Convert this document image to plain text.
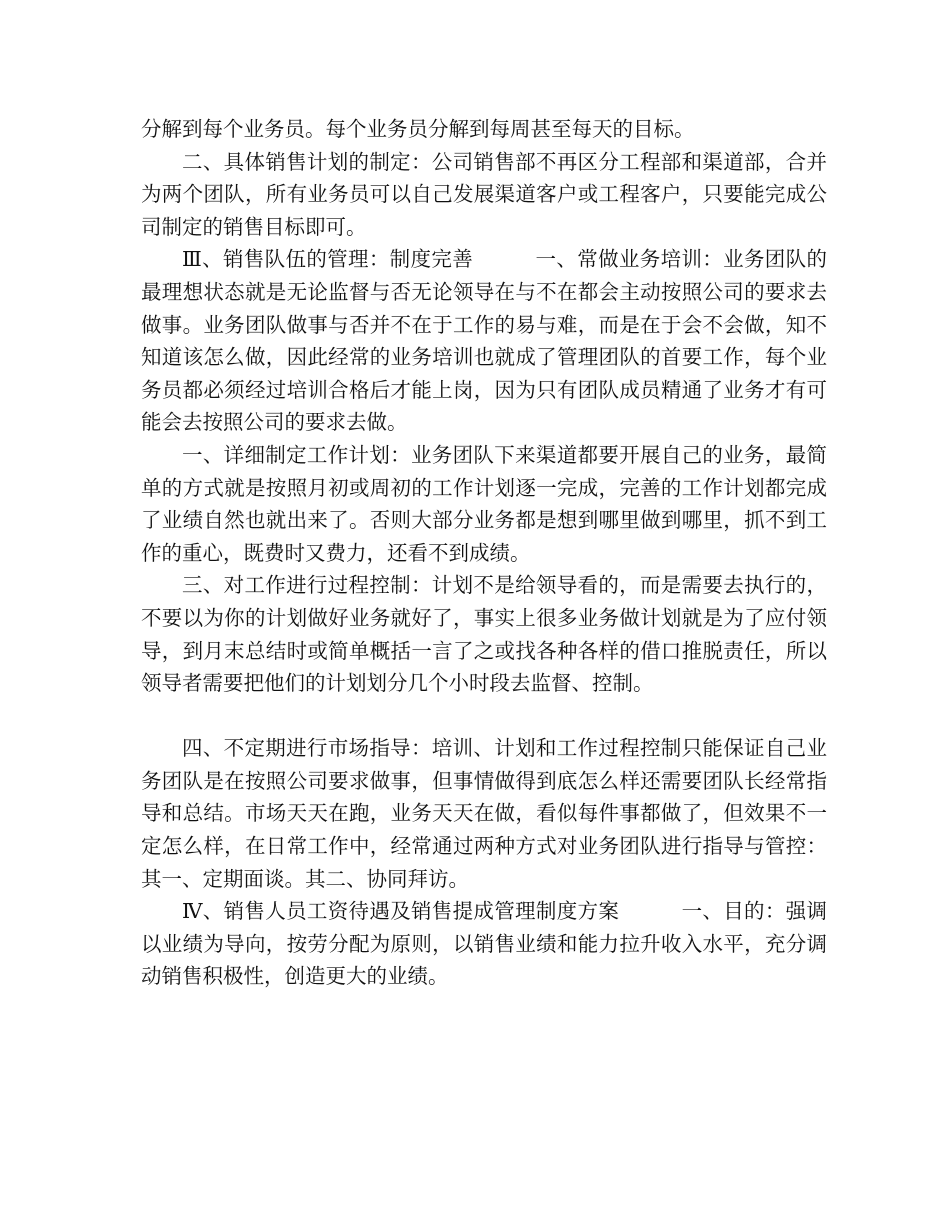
分解到每个业务员。每个业务员分解到每周甚至每天的目标。

二、具体销售计划的制定：公司销售部不再区分工程部和渠道部，合并为两个团队，所有业务员可以自己发展渠道客户或工程客户，只要能完成公司制定的销售目标即可。

Ⅲ、销售队伍的管理：制度完善　　　一、常做业务培训：业务团队的最理想状态就是无论监督与否无论领导在与不在都会主动按照公司的要求去做事。业务团队做事与否并不在于工作的易与难，而是在于会不会做，知不知道该怎么做，因此经常的业务培训也就成了管理团队的首要工作，每个业务员都必须经过培训合格后才能上岗，因为只有团队成员精通了业务才有可能会去按照公司的要求去做。

一、详细制定工作计划：业务团队下来渠道都要开展自己的业务，最简单的方式就是按照月初或周初的工作计划逐一完成，完善的工作计划都完成了业绩自然也就出来了。否则大部分业务都是想到哪里做到哪里，抓不到工作的重心，既费时又费力，还看不到成绩。

三、对工作进行过程控制：计划不是给领导看的，而是需要去执行的，不要以为你的计划做好业务就好了，事实上很多业务做计划就是为了应付领导，到月末总结时或简单概括一言了之或找各种各样的借口推脱责任，所以领导者需要把他们的计划划分几个小时段去监督、控制。

四、不定期进行市场指导：培训、计划和工作过程控制只能保证自己业务团队是在按照公司要求做事，但事情做得到底怎么样还需要团队长经常指导和总结。市场天天在跑，业务天天在做，看似每件事都做了，但效果不一定怎么样，在日常工作中，经常通过两种方式对业务团队进行指导与管控：其一、定期面谈。其二、协同拜访。

Ⅳ、销售人员工资待遇及销售提成管理制度方案　　　一、目的：强调以业绩为导向，按劳分配为原则，以销售业绩和能力拉升收入水平，充分调动销售积极性，创造更大的业绩。
